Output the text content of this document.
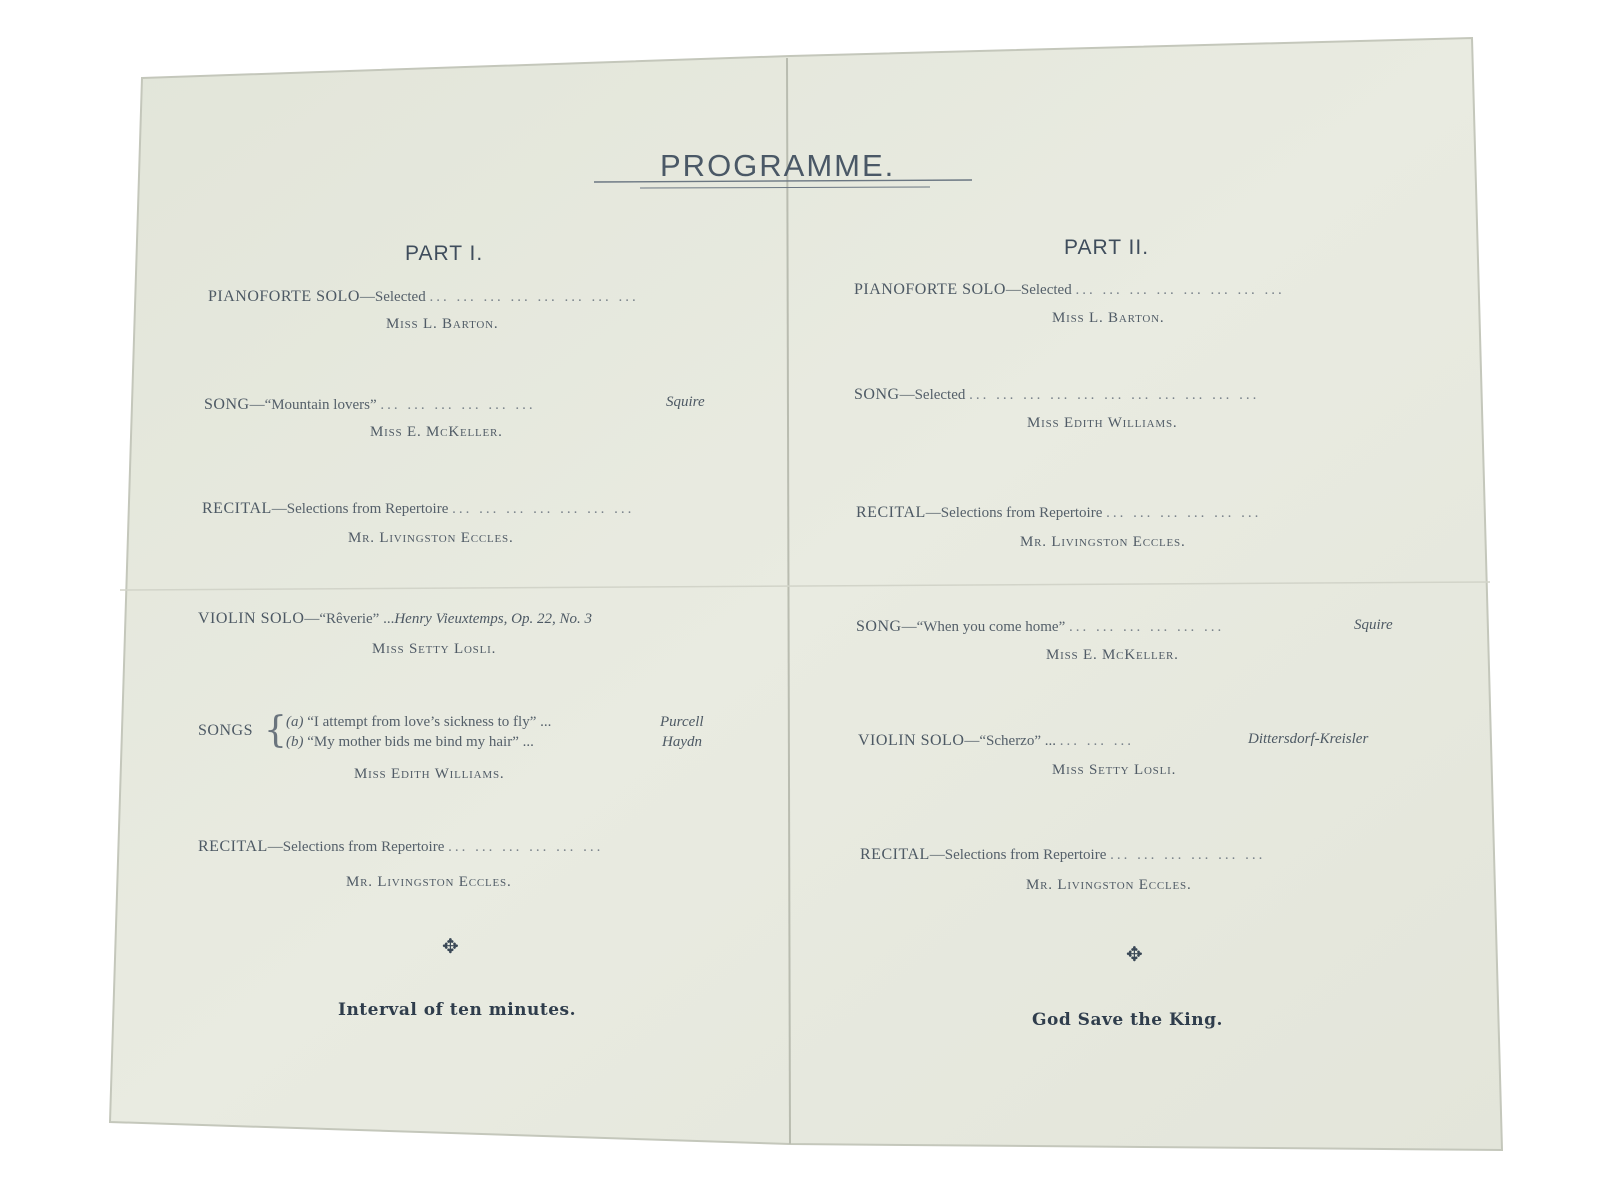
PROGRAMME.
PART I.
PIANOFORTE SOLO—Selected ... ... ... ... ... ... ... ...
Miss L. Barton.
SONG—“Mountain lovers” ... ... ... ... ... ...	Squire
Miss E. McKeller.
RECITAL—Selections from Repertoire ... ... ... ... ... ... ...
Mr. Livingston Eccles.
VIOLIN SOLO—“Rêverie” ...Henry Vieuxtemps, Op. 22, No. 3
Miss Setty Losli.
SONGS { (a) “I attempt from love’s sickness to fly” ...	Purcell
(b) “My mother bids me bind my hair” ...	Haydn
Miss Edith Williams.
RECITAL—Selections from Repertoire ... ... ... ... ... ...
Mr. Livingston Eccles.
✥
Interval of ten minutes.
PART II.
PIANOFORTE SOLO—Selected ... ... ... ... ... ... ... ...
Miss L. Barton.
SONG—Selected ... ... ... ... ... ... ... ... ... ... ...
Miss Edith Williams.
RECITAL—Selections from Repertoire ... ... ... ... ... ...
Mr. Livingston Eccles.
SONG—“When you come home” ... ... ... ... ... ...	Squire
Miss E. McKeller.
VIOLIN SOLO—“Scherzo” ... ... ... ...	Dittersdorf-Kreisler
Miss Setty Losli.
RECITAL—Selections from Repertoire ... ... ... ... ... ...
Mr. Livingston Eccles.
✥
God Save the King.
